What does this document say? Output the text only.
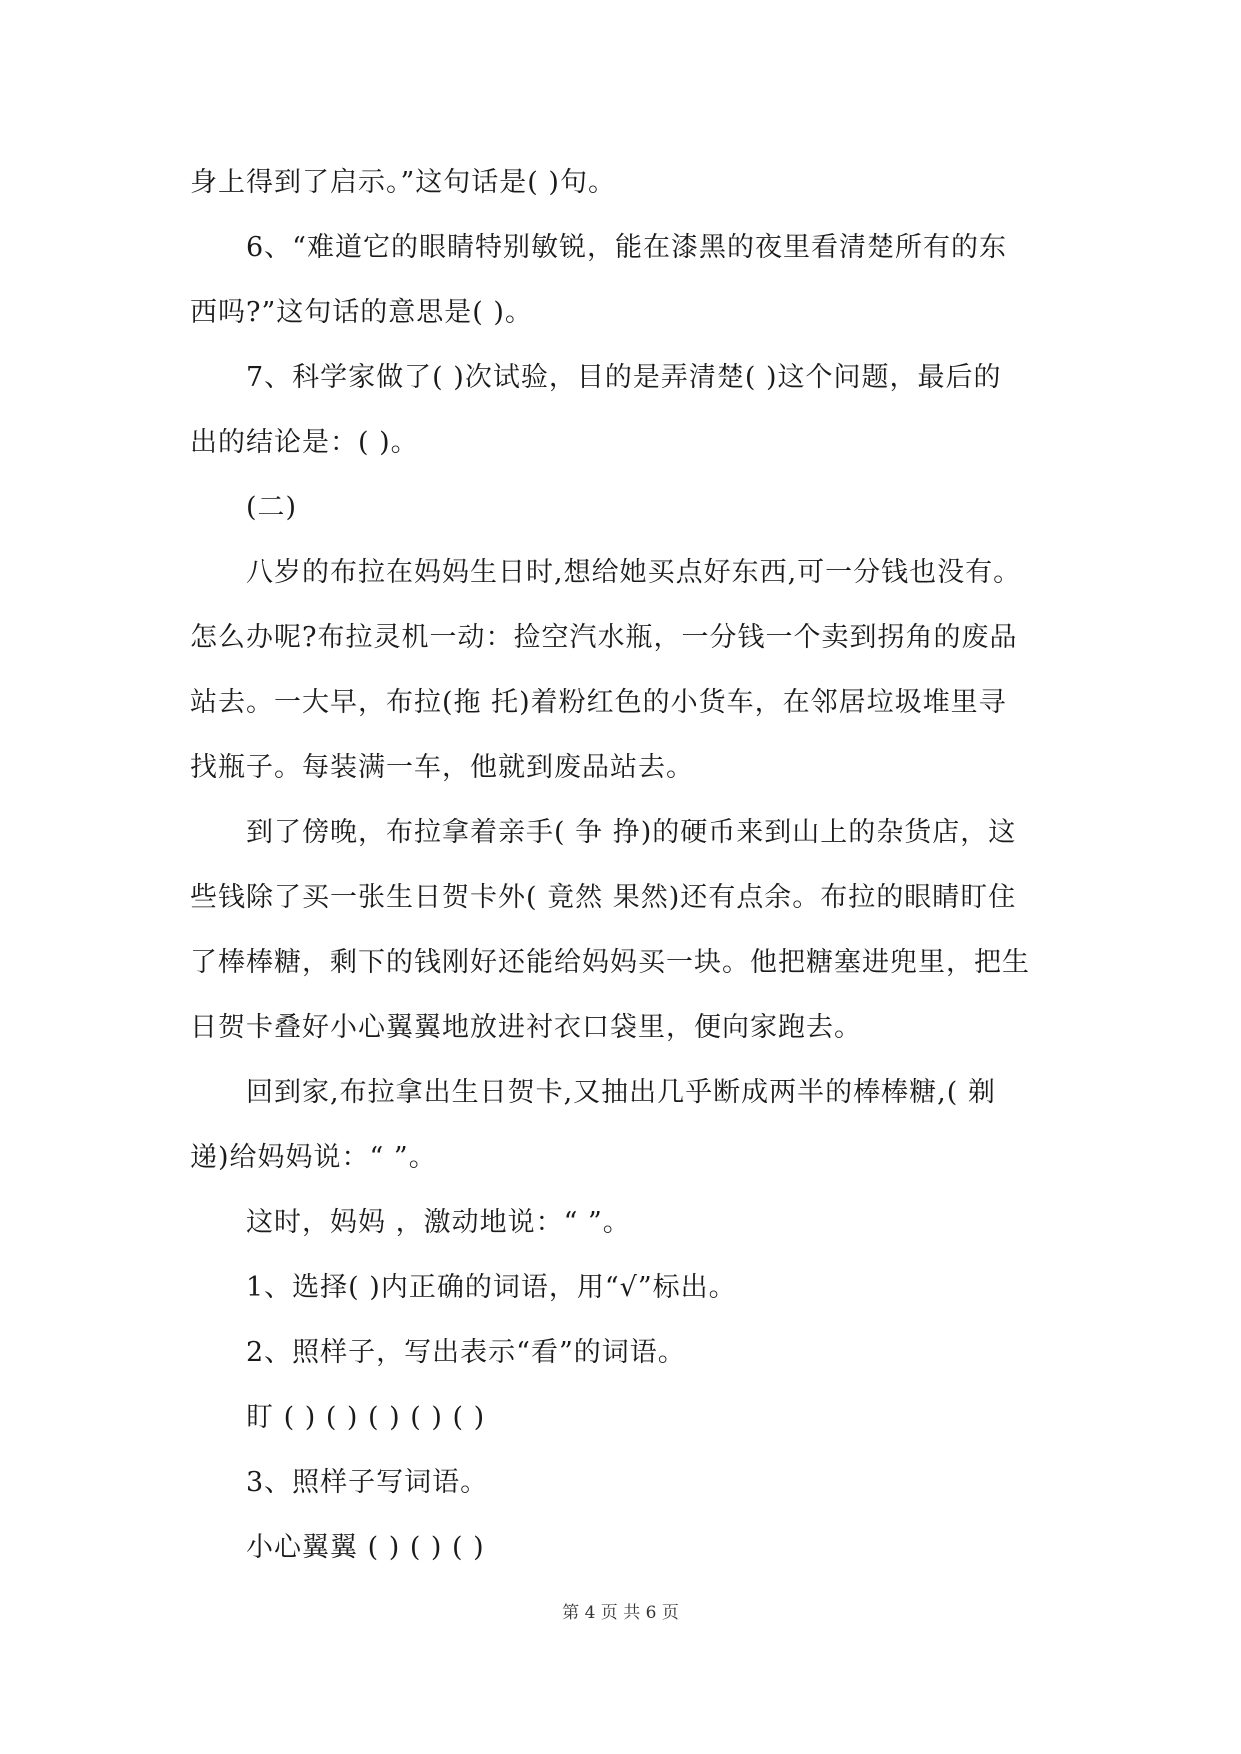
身上得到了启示。”这句话是( )句。
6、“难道它的眼睛特别敏锐，能在漆黑的夜里看清楚所有的东
西吗?”这句话的意思是( )。
7、科学家做了( )次试验，目的是弄清楚( )这个问题，最后的
出的结论是：( )。
(二)
八岁的布拉在妈妈生日时,想给她买点好东西,可一分钱也没有。
怎么办呢?布拉灵机一动：捡空汽水瓶，一分钱一个卖到拐角的废品
站去。一大早，布拉(拖 托)着粉红色的小货车，在邻居垃圾堆里寻
找瓶子。每装满一车，他就到废品站去。
到了傍晚，布拉拿着亲手( 争 挣)的硬币来到山上的杂货店，这
些钱除了买一张生日贺卡外( 竟然 果然)还有点余。布拉的眼睛盯住
了棒棒糖，剩下的钱刚好还能给妈妈买一块。他把糖塞进兜里，把生
日贺卡叠好小心翼翼地放进衬衣口袋里，便向家跑去。
回到家,布拉拿出生日贺卡,又抽出几乎断成两半的棒棒糖,( 剃
递)给妈妈说：“ ”。
这时，妈妈 ，激动地说：“ ”。
1、选择( )内正确的词语，用“√”标出。
2、照样子，写出表示“看”的词语。
盯 ( ) ( ) ( ) ( ) ( )
3、照样子写词语。
小心翼翼 ( ) ( ) ( )
第 4 页 共 6 页
